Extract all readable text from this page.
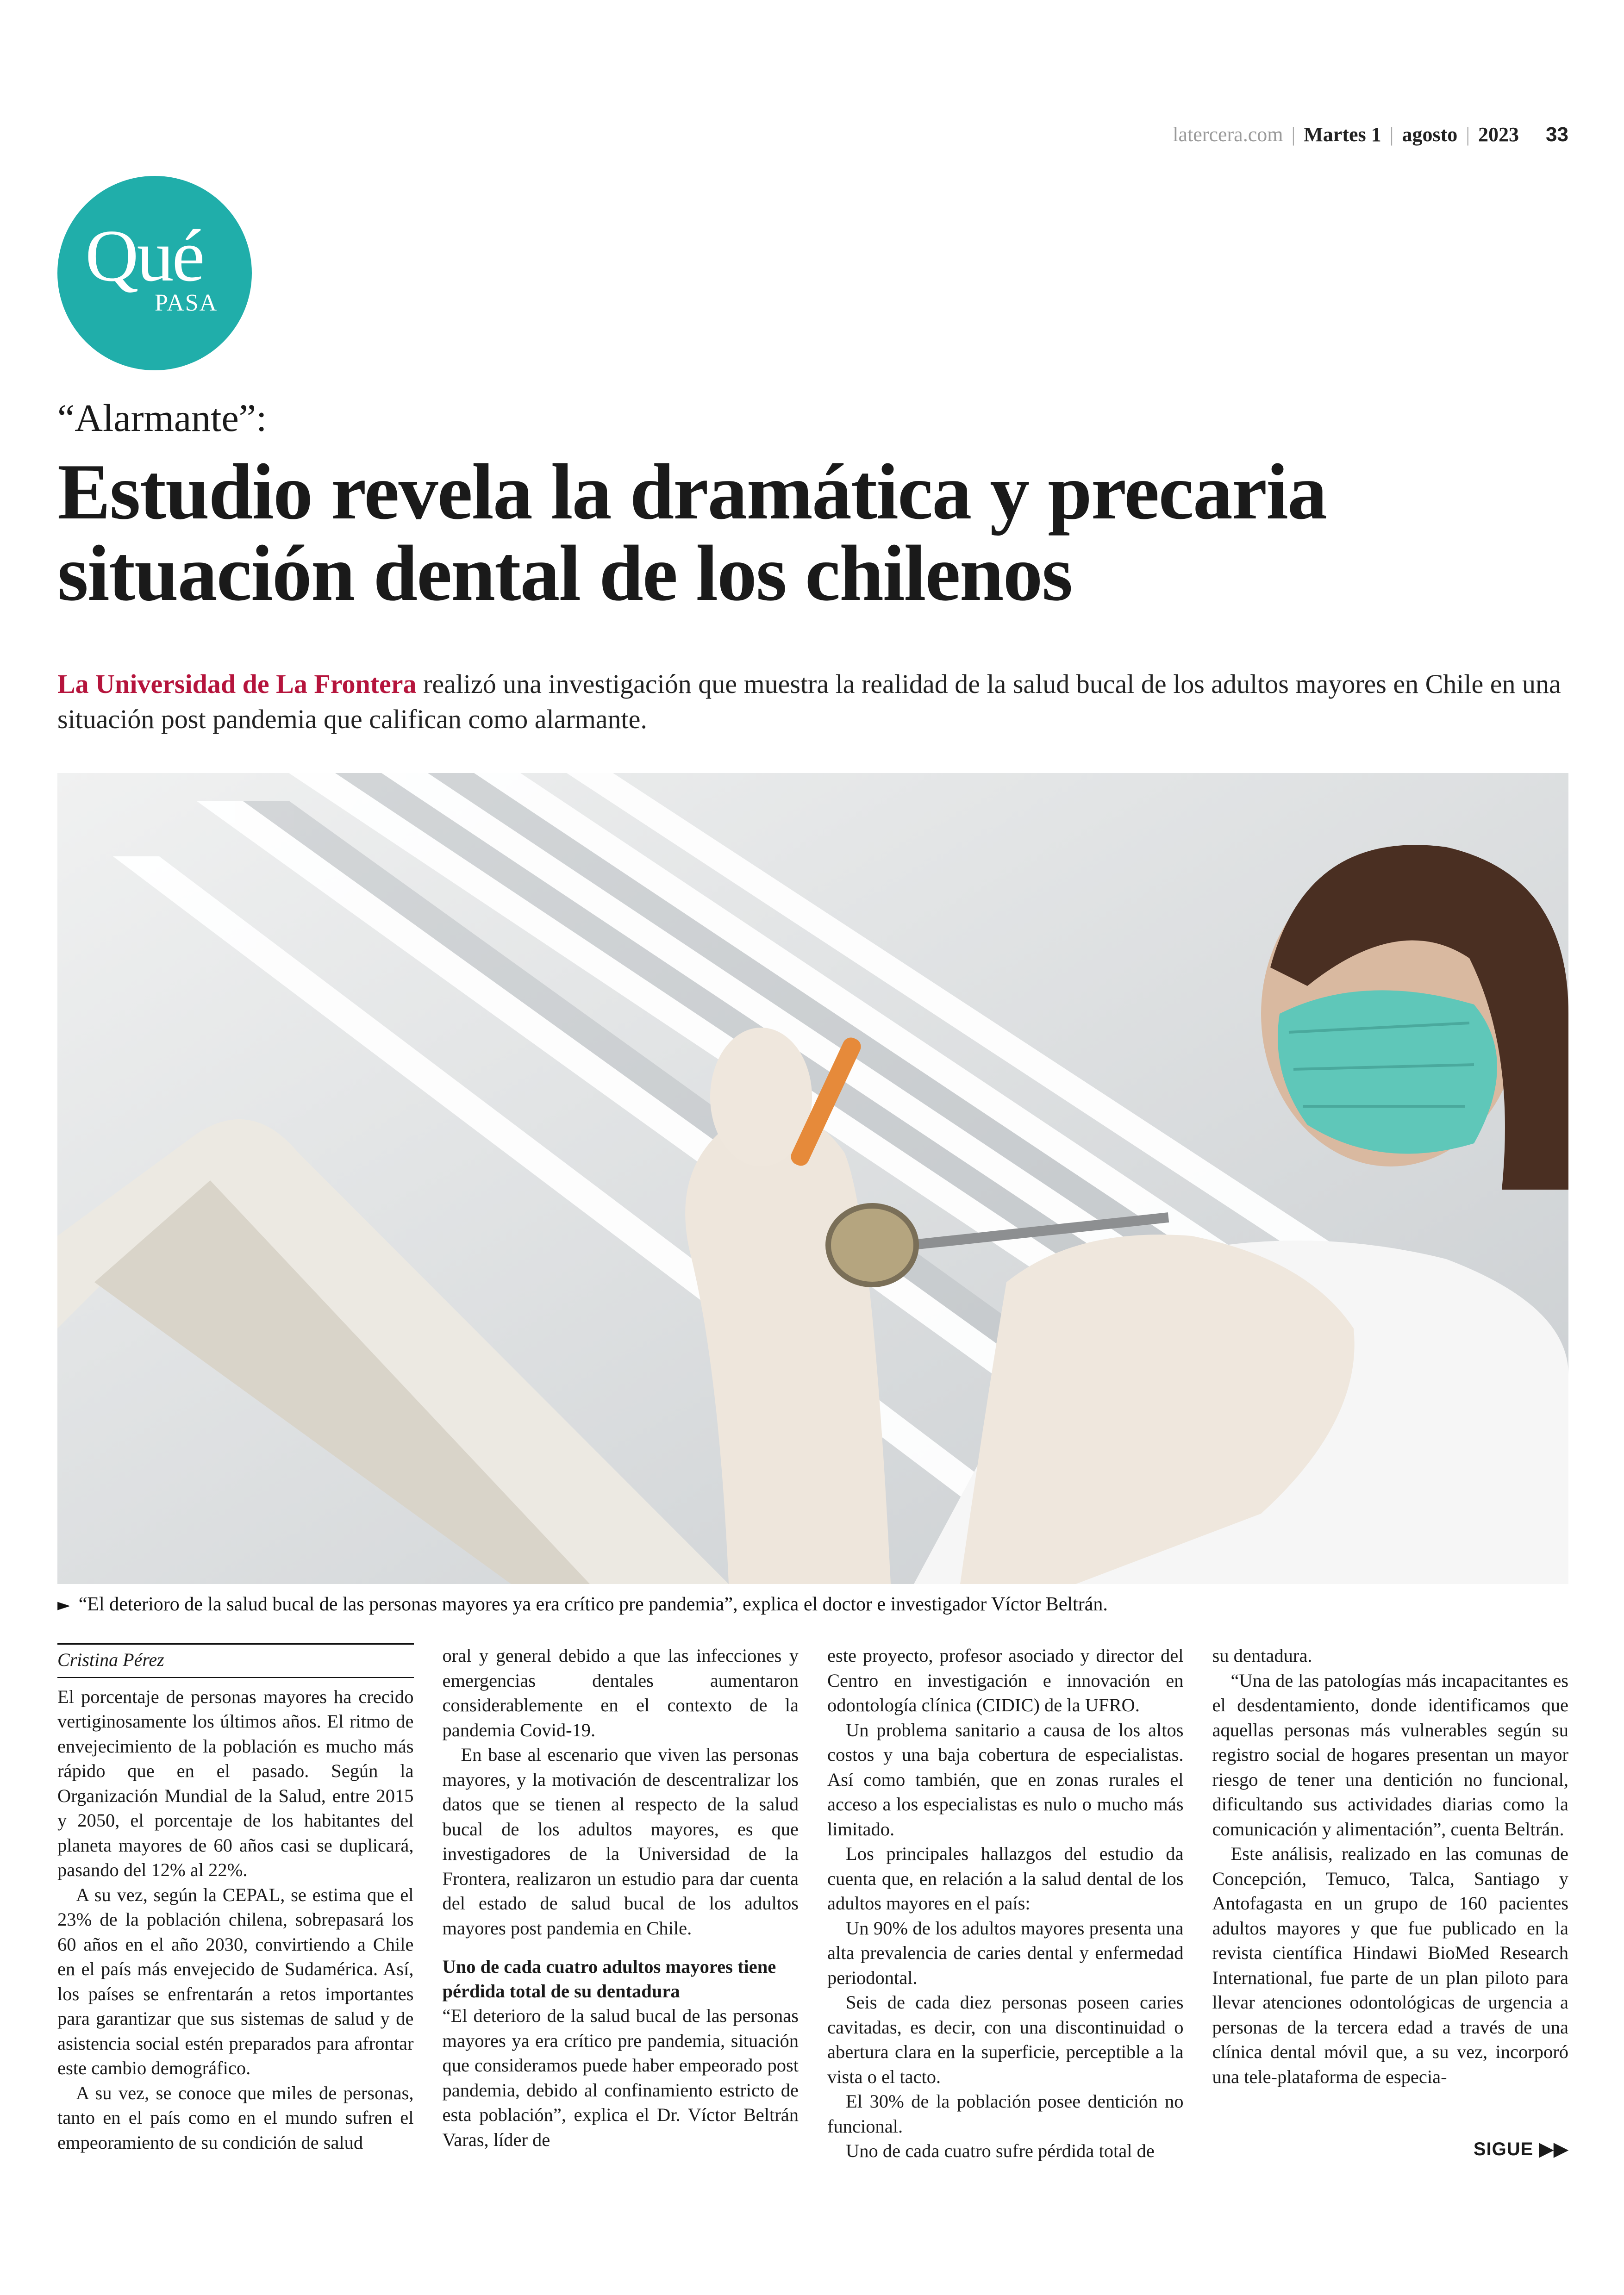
latercera.com | Martes 1 | agosto | 2023 33
Qué
PASA
“Alarmante”:
Estudio revela la dramática y precaria situación dental de los chilenos
La Universidad de La Frontera realizó una investigación que muestra la realidad de la salud bucal de los adultos mayores en Chile en una situación post pandemia que califican como alarmante.
► “El deterioro de la salud bucal de las personas mayores ya era crítico pre pandemia”, explica el doctor e investigador Víctor Beltrán.
Cristina Pérez

El porcentaje de personas mayores ha crecido vertiginosamente los últimos años. El ritmo de envejecimiento de la población es mucho más rápido que en el pasado. Según la Organización Mundial de la Salud, entre 2015 y 2050, el porcentaje de los habitantes del planeta mayores de 60 años casi se duplicará, pasando del 12% al 22%.

A su vez, según la CEPAL, se estima que el 23% de la población chilena, sobrepasará los 60 años en el año 2030, convirtiendo a Chile en el país más envejecido de Sudamérica. Así, los países se enfrentarán a retos importantes para garantizar que sus sistemas de salud y de asistencia social estén preparados para afrontar este cambio demográfico.

A su vez, se conoce que miles de personas, tanto en el país como en el mundo sufren el empeoramiento de su condición de salud

oral y general debido a que las infecciones y emergencias dentales aumentaron considerablemente en el contexto de la pandemia Covid-19.

En base al escenario que viven las personas mayores, y la motivación de descentralizar los datos que se tienen al respecto de la salud bucal de los adultos mayores, es que investigadores de la Universidad de la Frontera, realizaron un estudio para dar cuenta del estado de salud bucal de los adultos mayores post pandemia en Chile.

Uno de cada cuatro adultos mayores tiene pérdida total de su dentadura

“El deterioro de la salud bucal de las personas mayores ya era crítico pre pandemia, situación que consideramos puede haber empeorado post pandemia, debido al confinamiento estricto de esta población”, explica el Dr. Víctor Beltrán Varas, líder de

este proyecto, profesor asociado y director del Centro en investigación e innovación en odontología clínica (CIDIC) de la UFRO.

Un problema sanitario a causa de los altos costos y una baja cobertura de especialistas. Así como también, que en zonas rurales el acceso a los especialistas es nulo o mucho más limitado.

Los principales hallazgos del estudio da cuenta que, en relación a la salud dental de los adultos mayores en el país:

Un 90% de los adultos mayores presenta una alta prevalencia de caries dental y enfermedad periodontal.

Seis de cada diez personas poseen caries cavitadas, es decir, con una discontinuidad o abertura clara en la superficie, perceptible a la vista o el tacto.

El 30% de la población posee dentición no funcional.

Uno de cada cuatro sufre pérdida total de

su dentadura.

“Una de las patologías más incapacitantes es el desdentamiento, donde identificamos que aquellas personas más vulnerables según su registro social de hogares presentan un mayor riesgo de tener una dentición no funcional, dificultando sus actividades diarias como la comunicación y alimentación”, cuenta Beltrán.

Este análisis, realizado en las comunas de Concepción, Temuco, Talca, Santiago y Antofagasta en un grupo de 160 pacientes adultos mayores y que fue publicado en la revista científica Hindawi BioMed Research International, fue parte de un plan piloto para llevar atenciones odontológicas de urgencia a personas de la tercera edad a través de una clínica dental móvil que, a su vez, incorporó una tele-plataforma de especia-

SIGUE ▶▶
